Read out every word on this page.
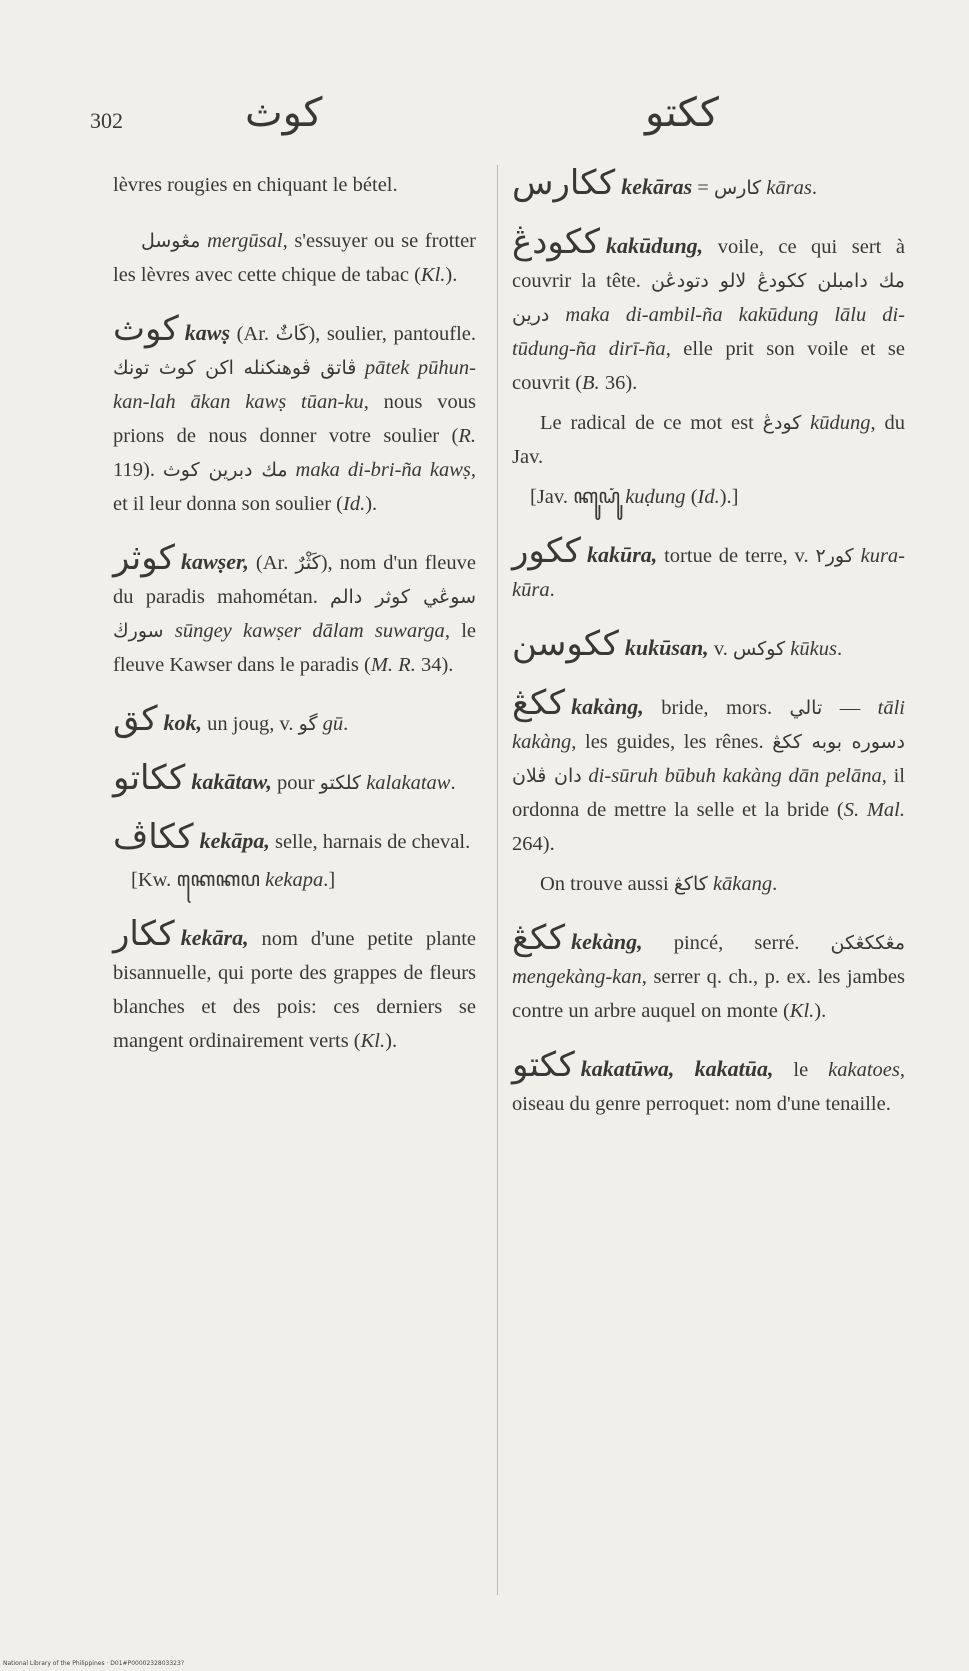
302	كوث	ككتو

lèvres rougies en chiquant le bétel.

مڠوسل mergūsal, s'essuyer ou se frotter les lèvres avec cette chique de tabac (Kl.).

كوث kawṣ (Ar. كَاثٌ), soulier, pantoufle. ڤاتق ڤوهنكنله اكن كوث تونك pātek pūhun-kan-lah ākan kawṣ tūan-ku, nous vous prions de nous donner votre soulier (R. 119). مك دبرين كوث maka di-bri-ña kawṣ, et il leur donna son soulier (Id.).

كوثر kawṣer, (Ar. كَثْرٌ), nom d'un fleuve du paradis mahométan. سوڠي كوثر دالم سورڬ sūngey kawṣer dālam suwarga, le fleuve Kawser dans le paradis (M. R. 34).

كق kok, un joug, v. گو gū.

ككاتو kakātaw, pour كلكتو kalakataw.

ككاڤ kekāpa, selle, harnais de cheval.

[Kw. ꦏꦺꦏꦥ kekapa.]

ككار kekāra, nom d'une petite plante bisannuelle, qui porte des grappes de fleurs blanches et des pois: ces derniers se mangent ordinairement verts (Kl.).

ككارس kekāras = كارس kāras.

ككودڠ kakūdung, voile, ce qui sert à couvrir la tête. مك دامبلن ككودڠ لالو دتودڠن درين maka di-ambil-ña kakūdung lālu di-tūdung-ña dirī-ña, elle prit son voile et se couvrit (B. 36).

Le radical de ce mot est كودڠ kūdung, du Jav.

[Jav. ꦏꦸꦝꦸꦁ kuḍung (Id.).]

ككور kakūra, tortue de terre, v. كور٢ kura-kūra.

ككوسن kukūsan, v. كوكس kūkus.

ككڠ kakàng, bride, mors. تالي — tāli kakàng, les guides, les rênes. دسوره بوبه ككڠ دان ڤلان di-sūruh būbuh kakàng dān pelāna, il ordonna de mettre la selle et la bride (S. Mal. 264).

On trouve aussi كاكڠ kākang.

ككڠ kekàng, pincé, serré. مڠككڠكن mengekàng-kan, serrer q. ch., p. ex. les jambes contre un arbre auquel on monte (Kl.).

ككتو kakatūwa, kakatūa, le kakatoes, oiseau du genre perroquet: nom d'une tenaille.

National Library of the Philippines · D01#P0000232803323?
